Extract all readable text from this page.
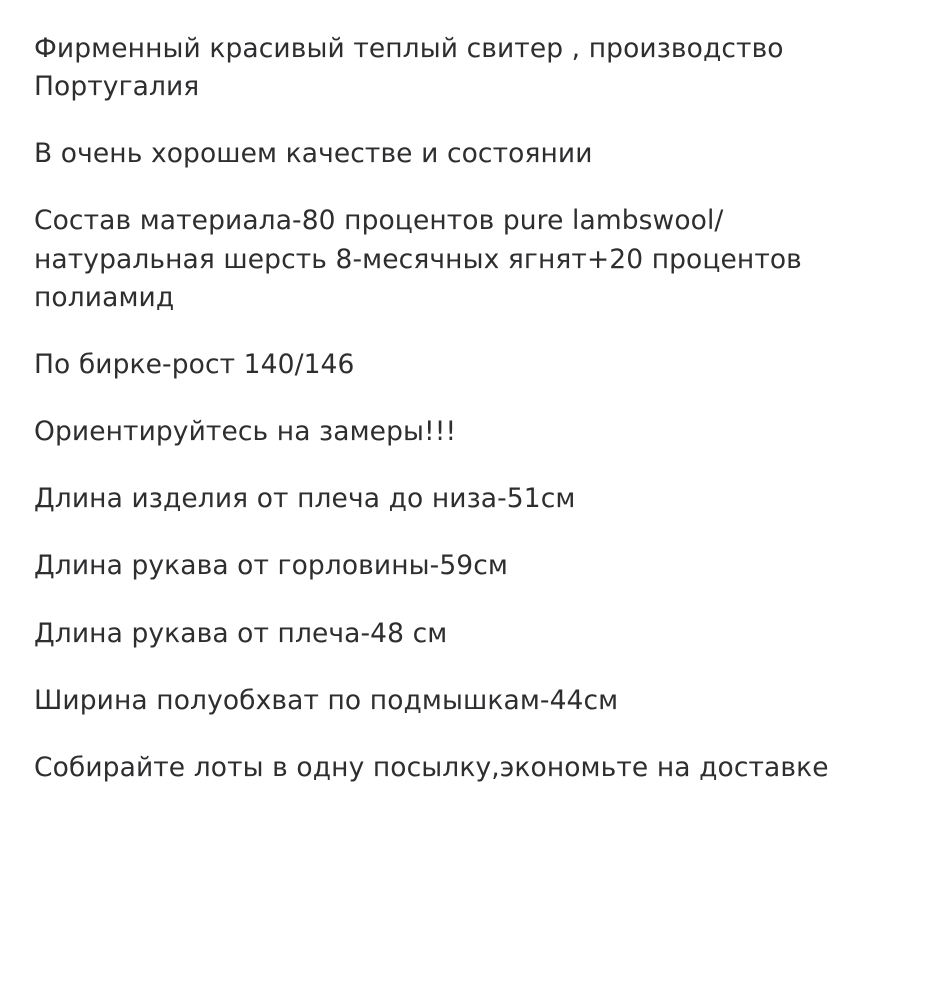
Фирменный красивый теплый свитер , производство Португалия

В очень хорошем качестве и состоянии

Состав материала-80 процентов pure lambswool/натуральная шерсть 8-месячных ягнят+20 процентов полиамид

По бирке-рост 140/146

Ориентируйтесь на замеры!!!

Длина изделия от плеча до низа-51см

Длина рукава от горловины-59см

Длина рукава от плеча-48 см

Ширина полуобхват по подмышкам-44см

Собирайте лоты в одну посылку,экономьте на доставке
